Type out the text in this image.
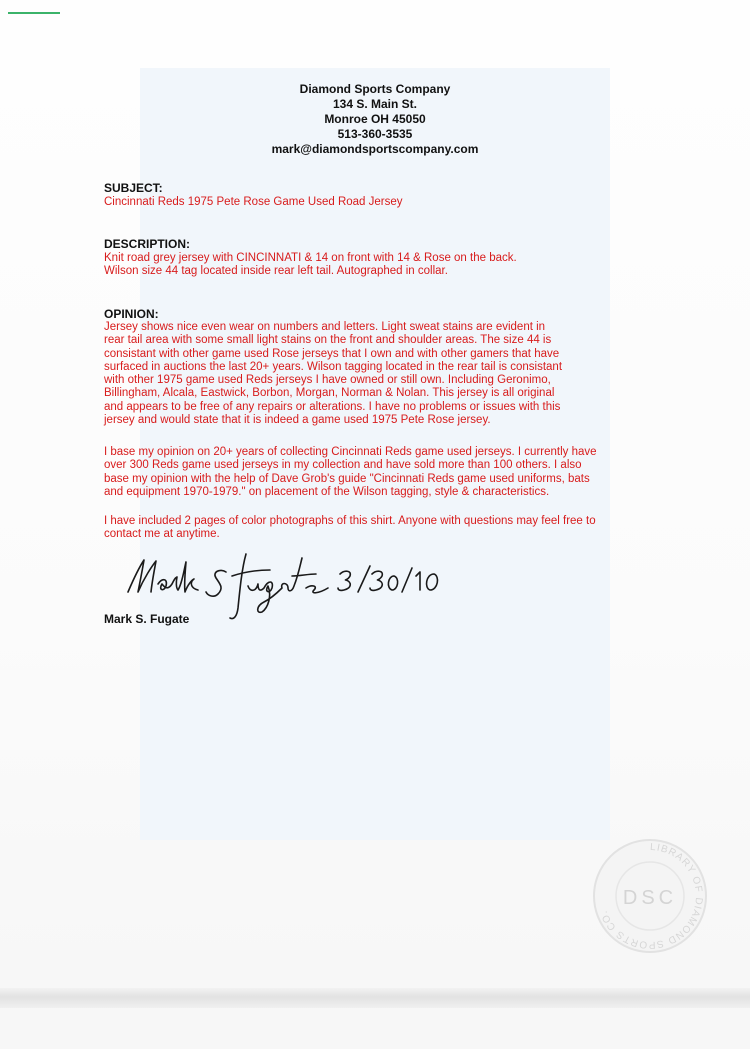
Diamond Sports Company
134 S. Main St.
Monroe OH 45050
513-360-3535
mark@diamondsportscompany.com
SUBJECT:
Cincinnati Reds 1975 Pete Rose Game Used Road Jersey
DESCRIPTION:
Knit road grey jersey with CINCINNATI & 14 on front with 14 & Rose on the back.
Wilson size 44 tag located inside rear left tail. Autographed in collar.
OPINION:
Jersey shows nice even wear on numbers and letters. Light sweat stains are evident in
rear tail area with some small light stains on the front and shoulder areas. The size 44 is
consistant with other game used Rose jerseys that I own and with other gamers that have
surfaced in auctions the last 20+ years. Wilson tagging located in the rear tail is consistant
with other 1975 game used Reds jerseys I have owned or still own. Including Geronimo,
Billingham, Alcala, Eastwick, Borbon, Morgan, Norman & Nolan. This jersey is all original
and appears to be free of any repairs or alterations. I have no problems or issues with this
jersey and would state that it is indeed a game used 1975 Pete Rose jersey.
I base my opinion on 20+ years of collecting Cincinnati Reds game used jerseys. I currently have
over 300 Reds game used jerseys in my collection and have sold more than 100 others. I also
base my opinion with the help of Dave Grob's guide "Cincinnati Reds game used uniforms, bats
and equipment 1970-1979." on placement of the Wilson tagging, style & characteristics.
I have included 2 pages of color photographs of this shirt. Anyone with questions may feel free to
contact me at anytime.
Mark S. Fugate
LIBRARY OF DIAMOND SPORTS CO.
DSC
